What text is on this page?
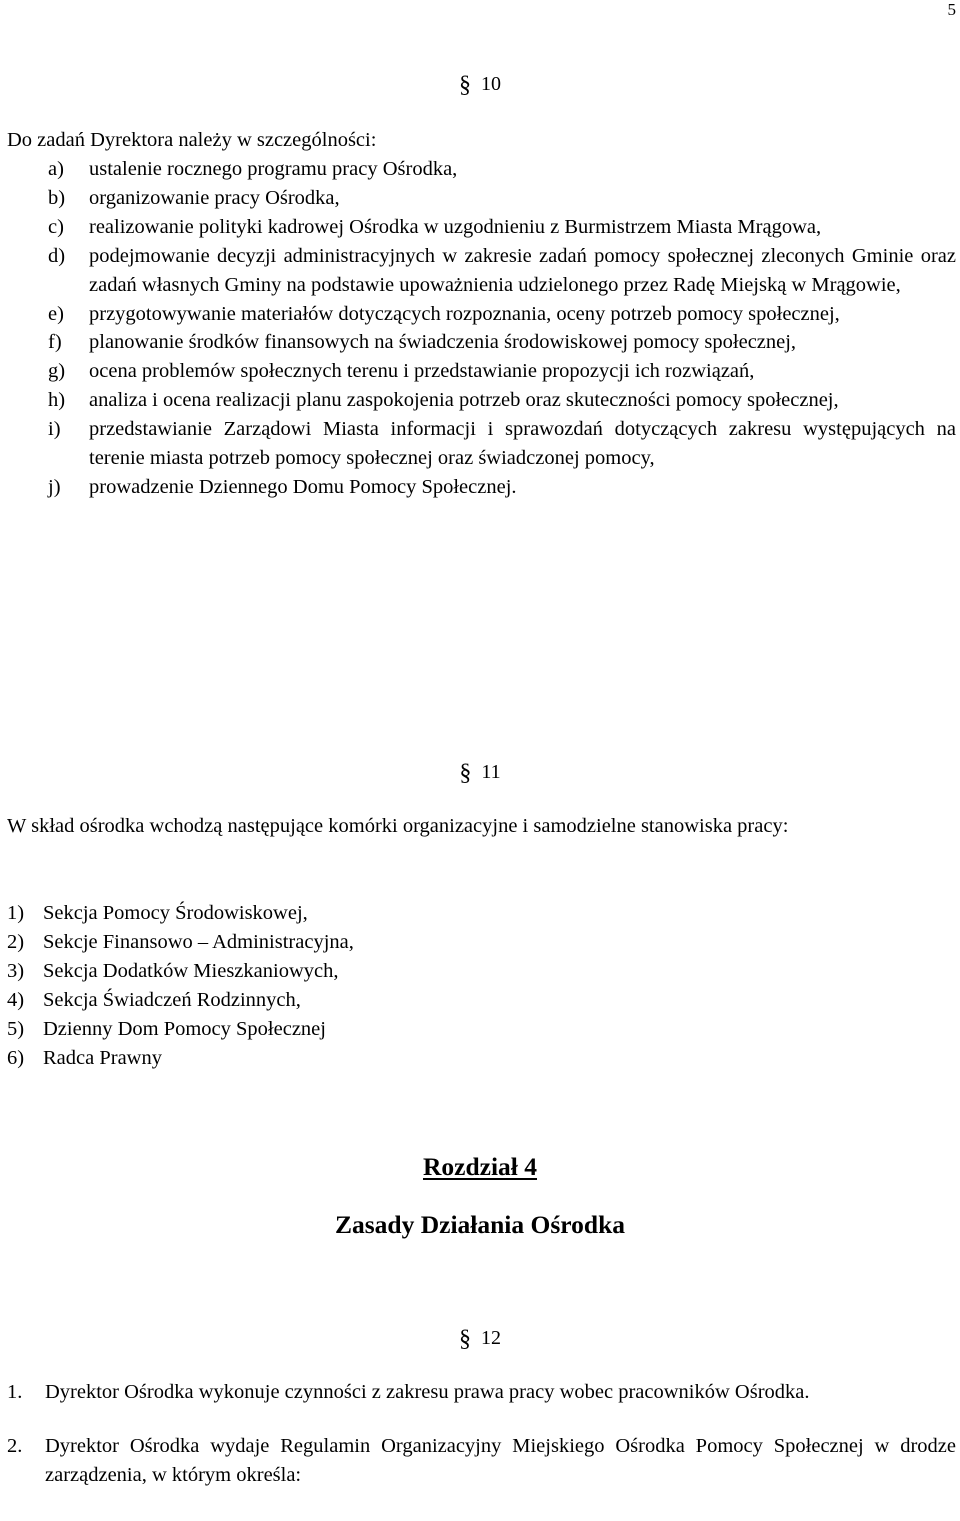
5
§ 10
Do zadań Dyrektora należy w szczególności:
a) ustalenie rocznego programu pracy Ośrodka,
b) organizowanie pracy Ośrodka,
c) realizowanie polityki kadrowej Ośrodka w uzgodnieniu z Burmistrzem Miasta Mrągowa,
d) podejmowanie decyzji administracyjnych w zakresie zadań pomocy społecznej zleconych Gminie oraz zadań własnych Gminy na podstawie upoważnienia udzielonego przez Radę Miejską w Mrągowie,
e) przygotowywanie materiałów dotyczących rozpoznania, oceny potrzeb pomocy społecznej,
f) planowanie środków finansowych na świadczenia środowiskowej pomocy społecznej,
g) ocena problemów społecznych terenu i przedstawianie propozycji ich rozwiązań,
h) analiza i ocena realizacji planu zaspokojenia potrzeb oraz skuteczności pomocy społecznej,
i) przedstawianie Zarządowi Miasta informacji i sprawozdań dotyczących zakresu występujących na terenie miasta potrzeb pomocy społecznej oraz świadczonej pomocy,
j) prowadzenie Dziennego Domu Pomocy Społecznej.
§ 11
W skład ośrodka wchodzą następujące komórki organizacyjne i samodzielne stanowiska pracy:
1) Sekcja Pomocy Środowiskowej,
2) Sekcje Finansowo – Administracyjna,
3) Sekcja Dodatków Mieszkaniowych,
4) Sekcja Świadczeń Rodzinnych,
5) Dzienny Dom Pomocy Społecznej
6) Radca Prawny
Rozdział 4
Zasady Działania Ośrodka
§ 12
1. Dyrektor Ośrodka wykonuje czynności z zakresu prawa pracy wobec pracowników Ośrodka.
2. Dyrektor Ośrodka wydaje Regulamin Organizacyjny Miejskiego Ośrodka Pomocy Społecznej w drodze zarządzenia, w którym określa:
